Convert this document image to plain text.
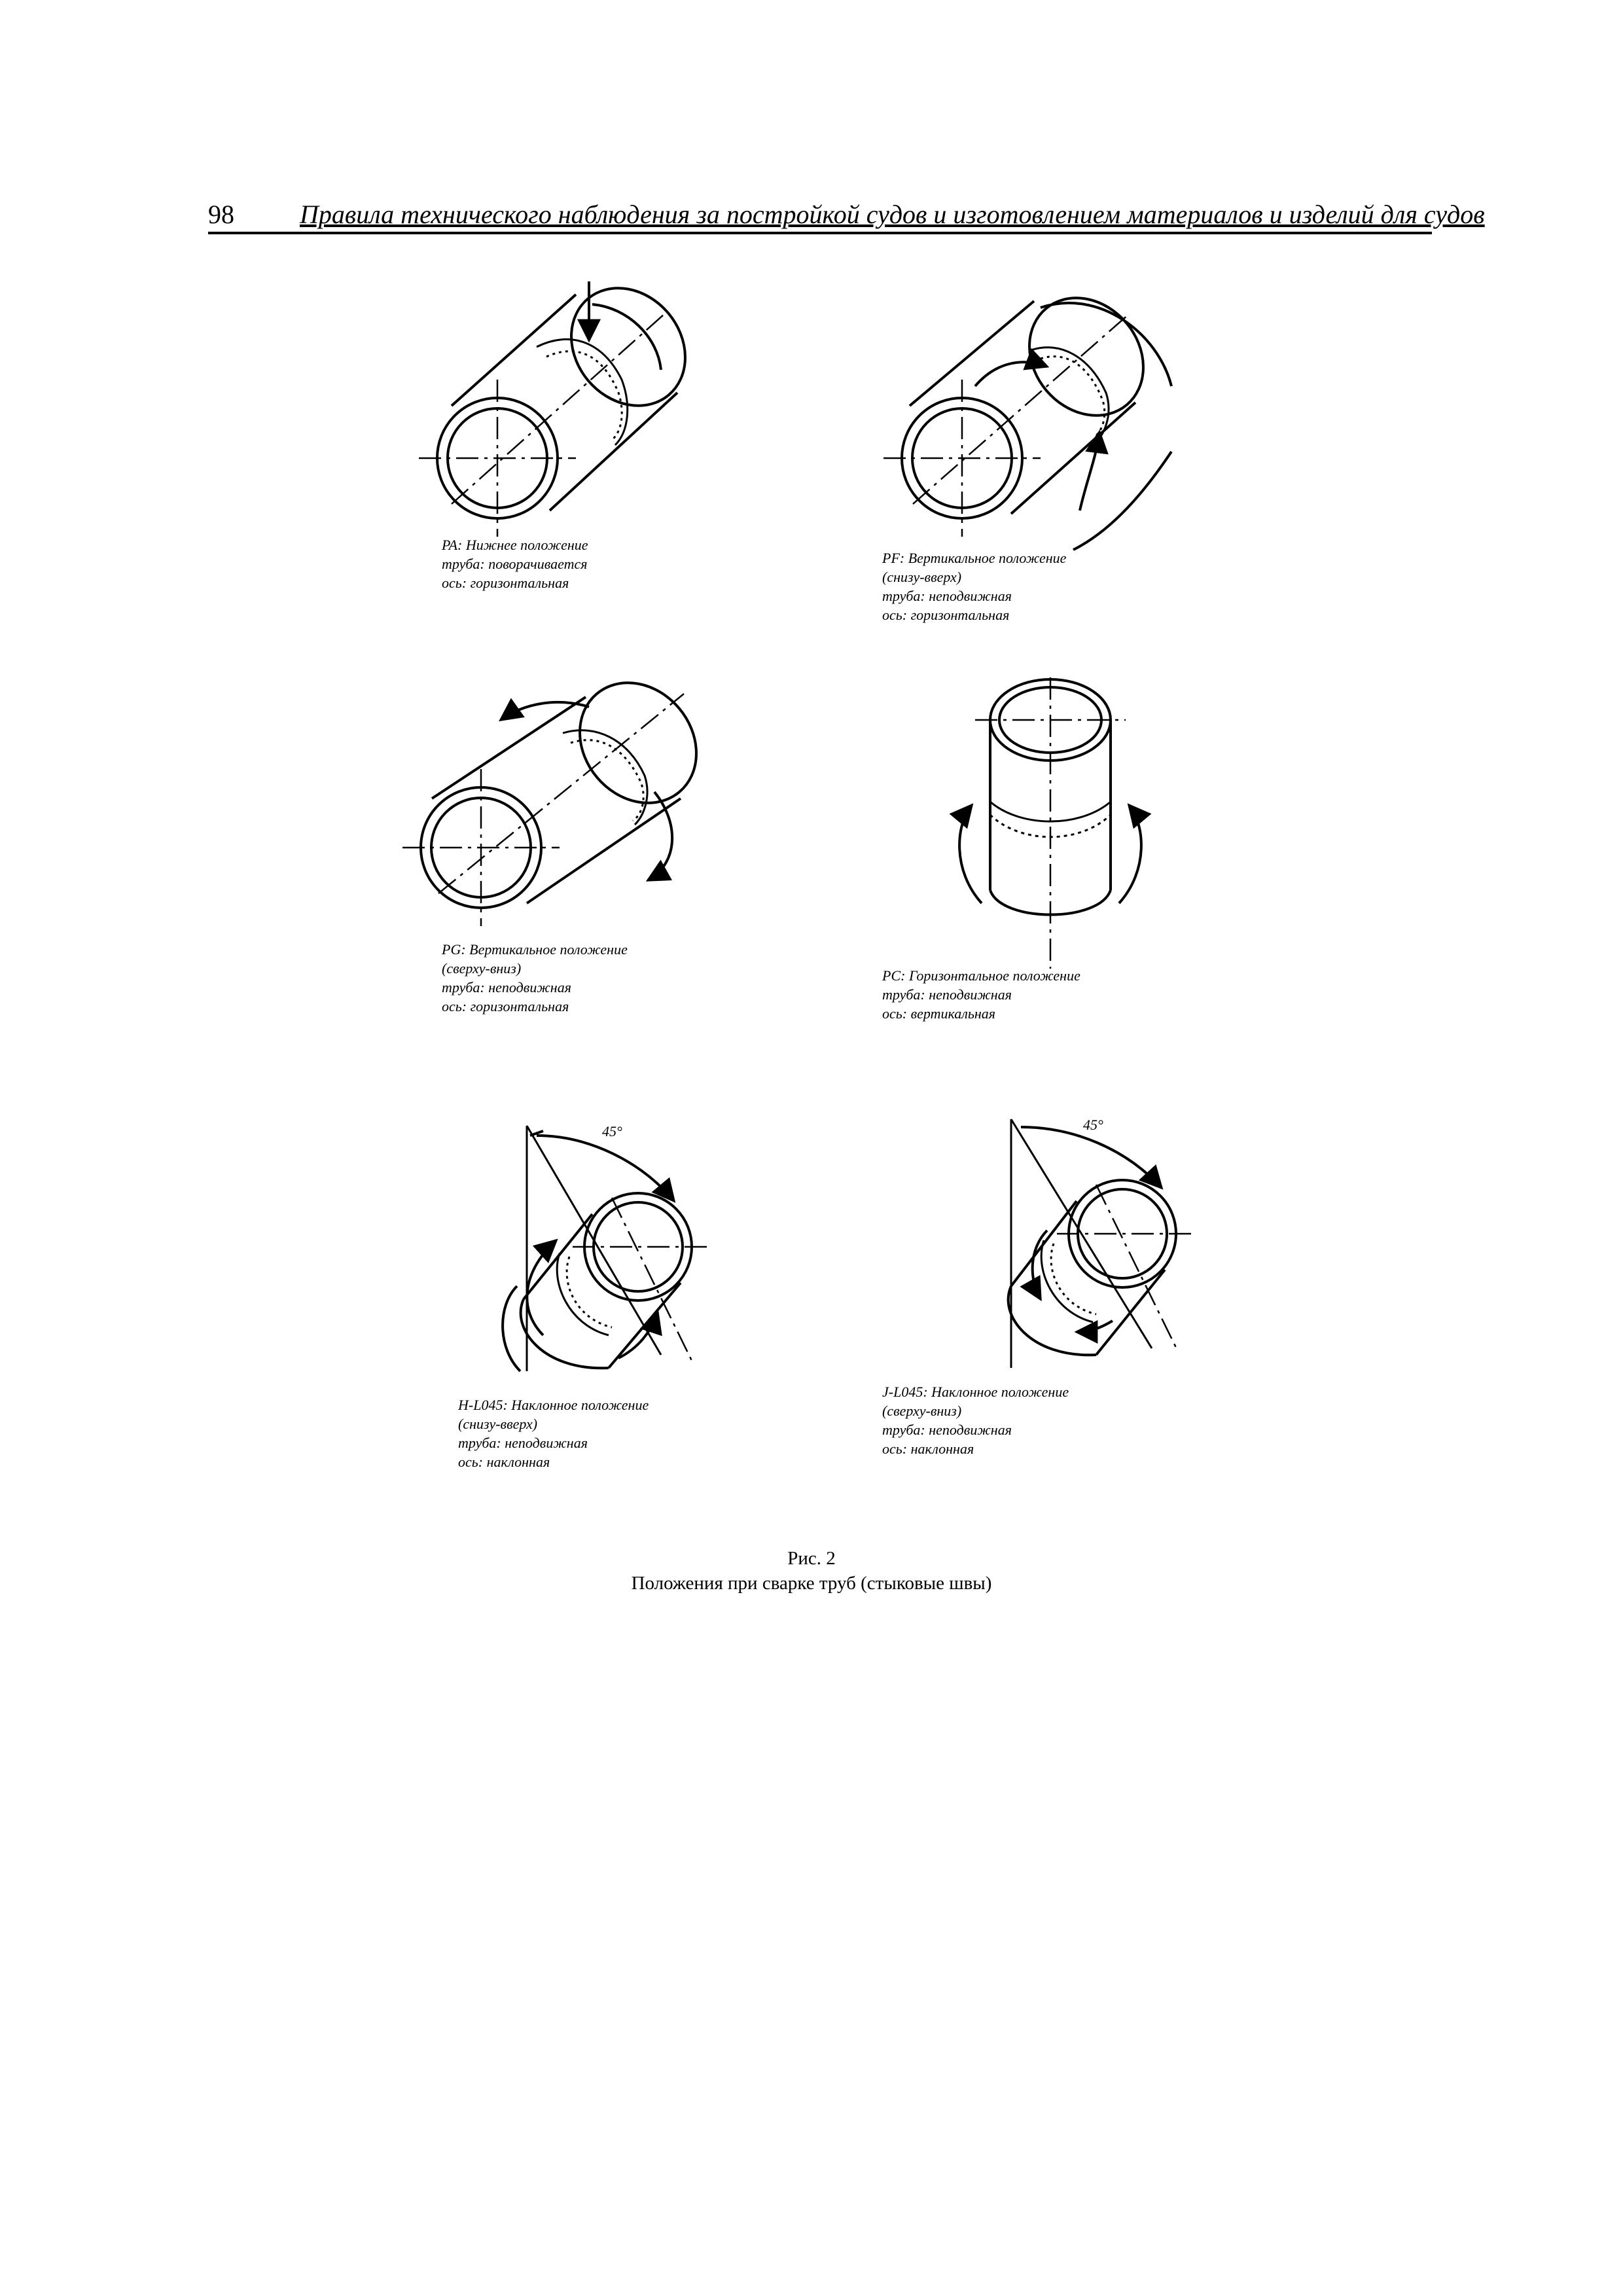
98	Правила технического наблюдения за постройкой судов и изготовлением материалов и изделий для судов
45°	45°
PA: Нижнее положение
труба: поворачивается
ось: горизонтальная
PF: Вертикальное положение
(снизу-вверх)
труба: неподвижная
ось: горизонтальная
PG: Вертикальное положение
(сверху-вниз)
труба: неподвижная
ось: горизонтальная
PC: Горизонтальное положение
труба: неподвижная
ось: вертикальная
H-L045: Наклонное положение
(снизу-вверх)
труба: неподвижная
ось: наклонная
J-L045: Наклонное положение
(сверху-вниз)
труба: неподвижная
ось: наклонная
Рис. 2
Положения при сварке труб (стыковые швы)
